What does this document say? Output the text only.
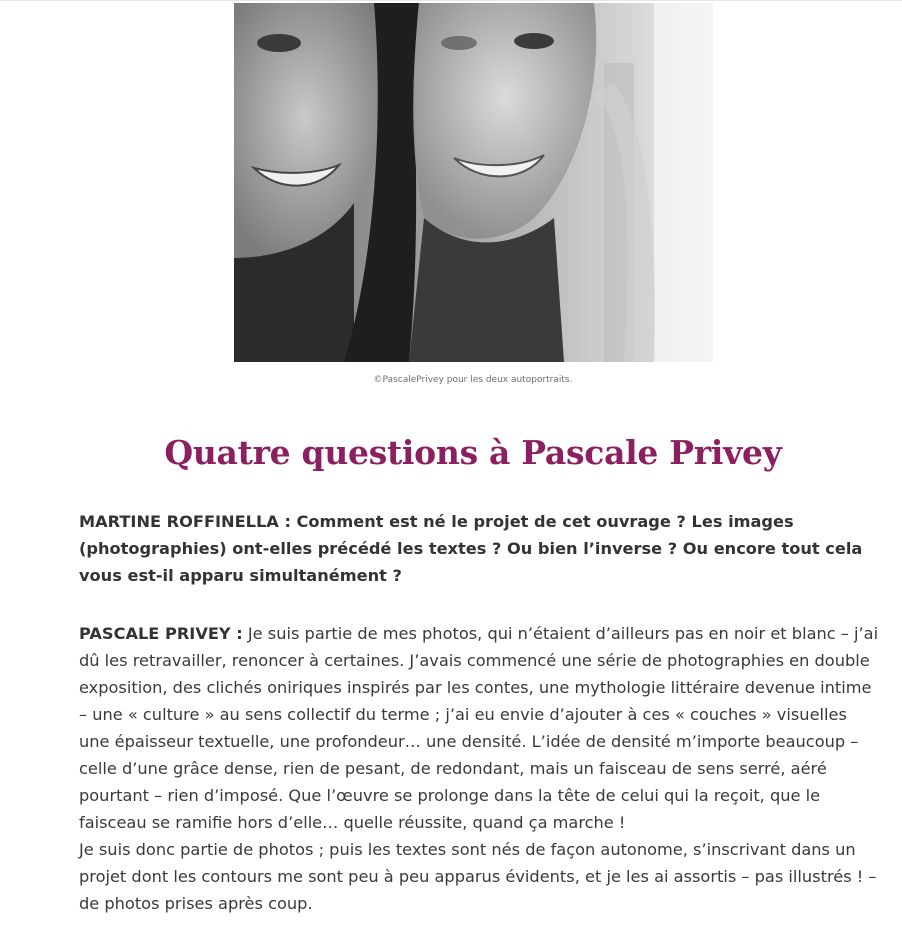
©PascalePrivey pour les deux autoportraits.
Quatre questions à Pascale Privey

MARTINE ROFFINELLA : Comment est né le projet de cet ouvrage ? Les images (photographies) ont-elles précédé les textes ? Ou bien l’inverse ? Ou encore tout cela vous est-il apparu simultanément ?

PASCALE PRIVEY : Je suis partie de mes photos, qui n’étaient d’ailleurs pas en noir et blanc – j’ai dû les retravailler, renoncer à certaines. J’avais commencé une série de photographies en double exposition, des clichés oniriques inspirés par les contes, une mythologie littéraire devenue intime – une « culture » au sens collectif du terme ; j’ai eu envie d’ajouter à ces « couches » visuelles une épaisseur textuelle, une profondeur… une densité. L’idée de densité m’importe beaucoup – celle d’une grâce dense, rien de pesant, de redondant, mais un faisceau de sens serré, aéré pourtant – rien d’imposé. Que l’œuvre se prolonge dans la tête de celui qui la reçoit, que le faisceau se ramifie hors d’elle… quelle réussite, quand ça marche !

Je suis donc partie de photos ; puis les textes sont nés de façon autonome, s’inscrivant dans un projet dont les contours me sont peu à peu apparus évidents, et je les ai assortis – pas illustrés ! – de photos prises après coup.
